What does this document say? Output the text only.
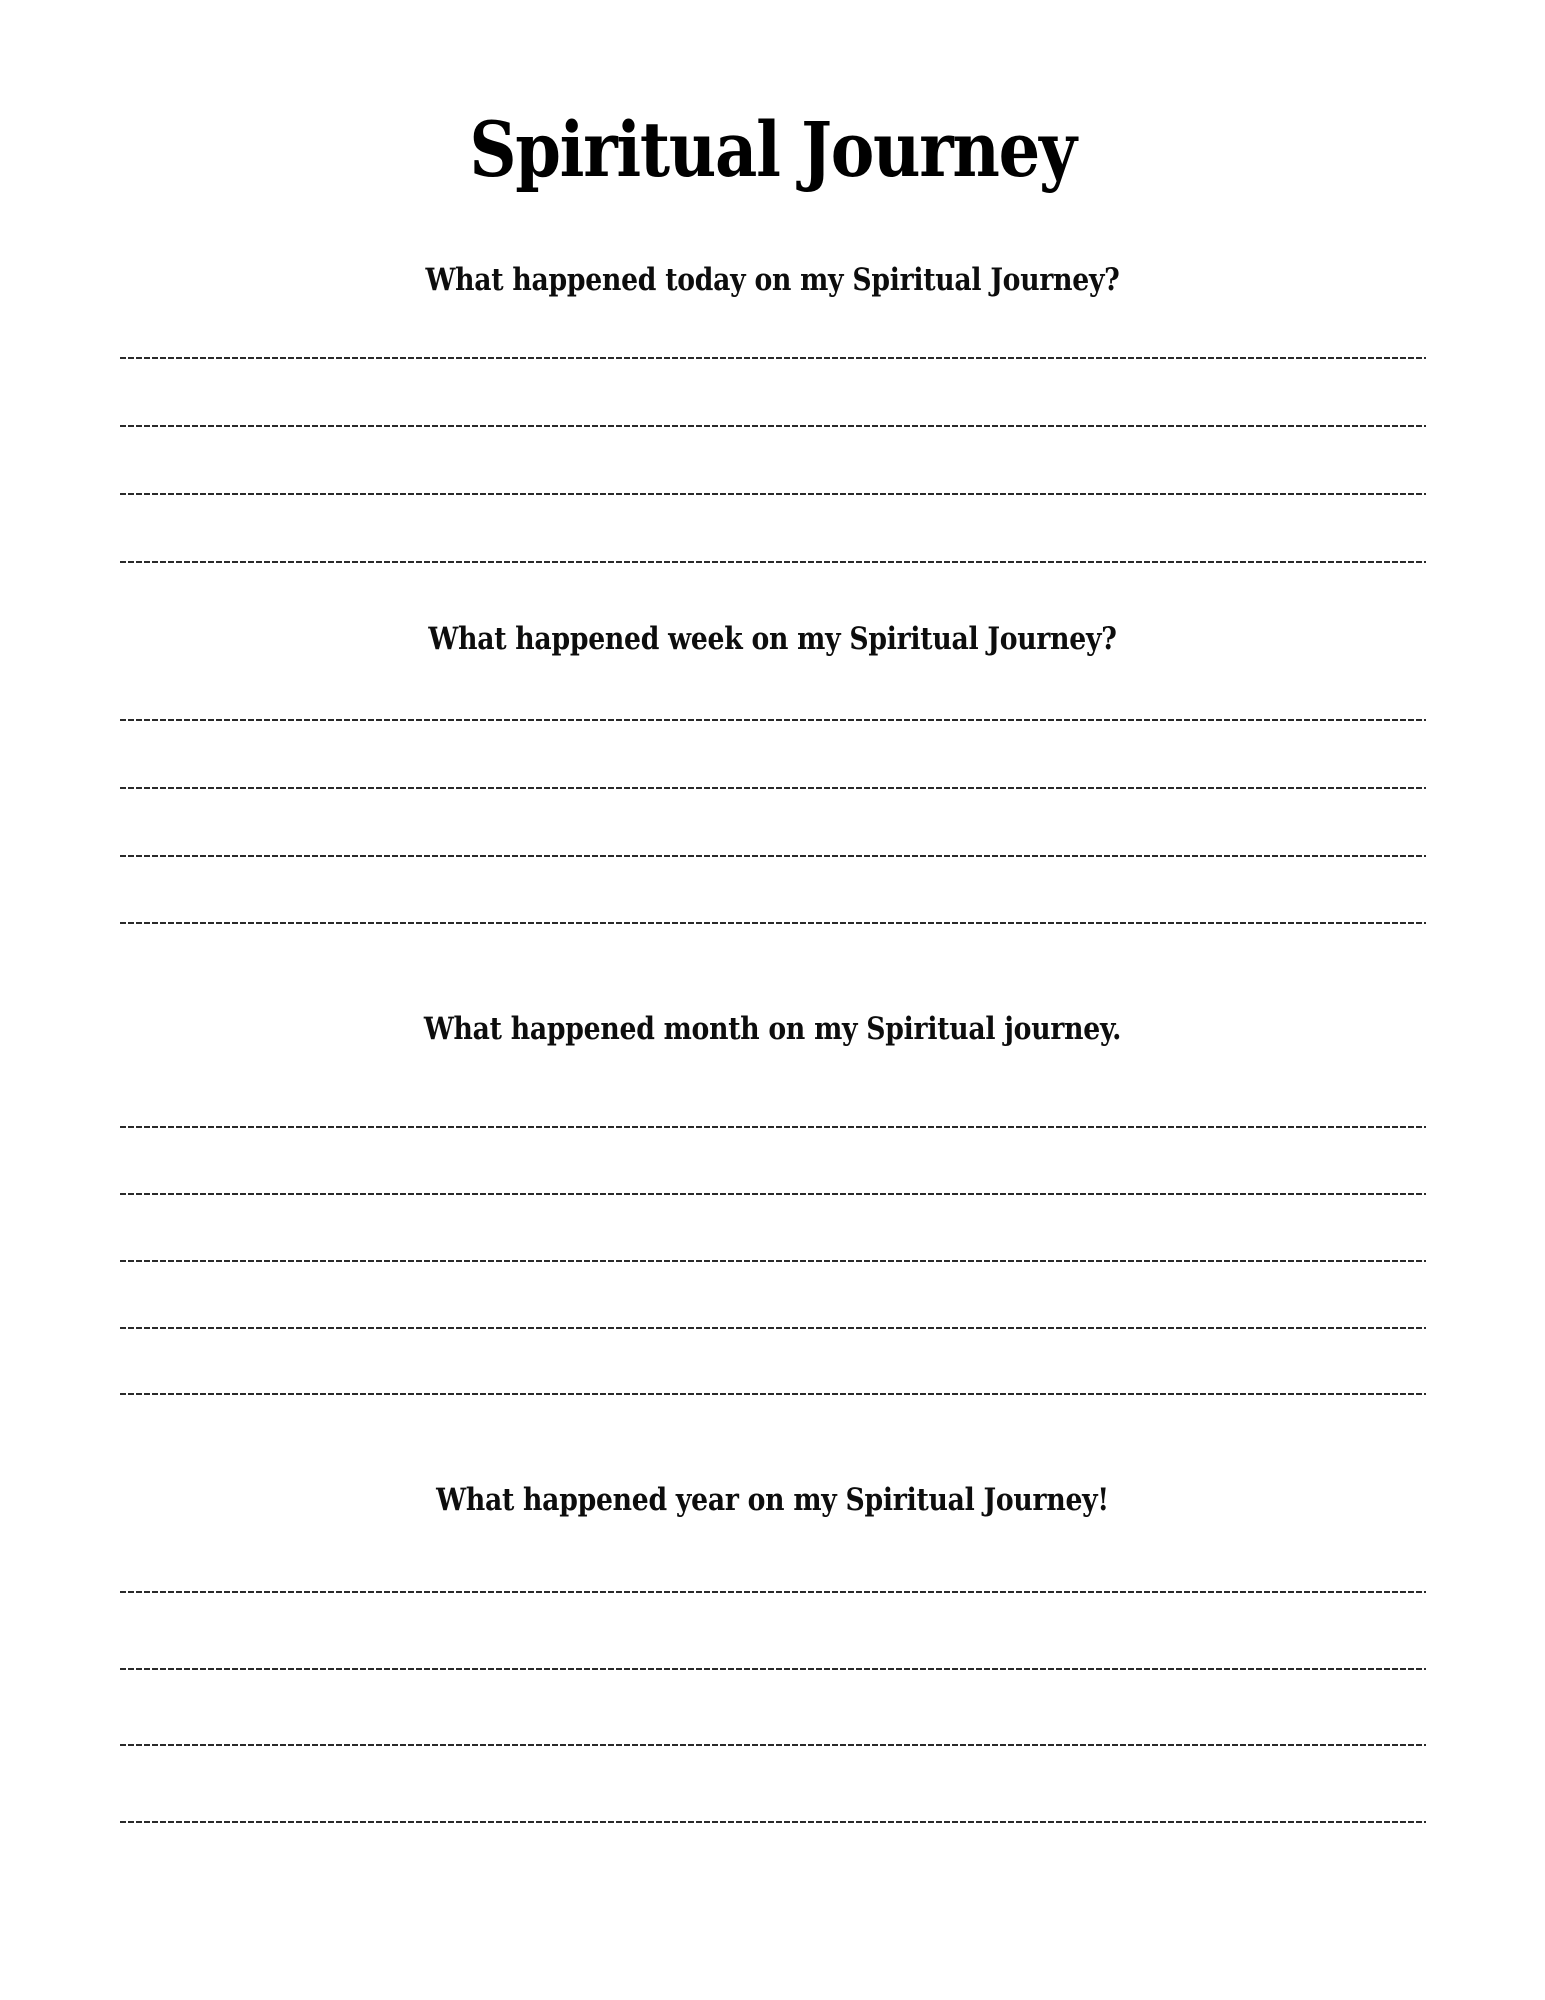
Spiritual Journey
What happened today on my Spiritual Journey?
What happened week on my Spiritual Journey?
What happened month on my Spiritual journey.
What happened year on my Spiritual Journey!
